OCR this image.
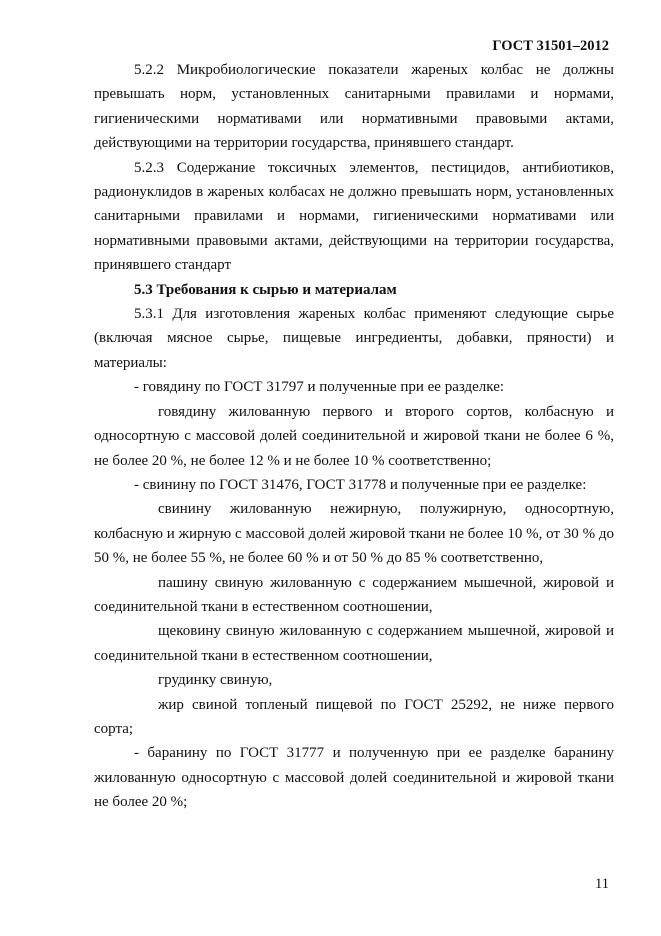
ГОСТ 31501–2012

5.2.2 Микробиологические показатели жареных колбас не должны превышать норм, установленных санитарными правилами и нормами, гигиеническими нормативами или нормативными правовыми актами, действующими на территории государства, принявшего стандарт.

5.2.3 Содержание токсичных элементов, пестицидов, антибиотиков, радионуклидов в жареных колбасах не должно превышать норм, установленных санитарными правилами и нормами, гигиеническими нормативами или нормативными правовыми актами, действующими на территории государства, принявшего стандарт

5.3 Требования к сырью и материалам

5.3.1 Для изготовления жареных колбас применяют следующие сырье (включая мясное сырье, пищевые ингредиенты, добавки, пряности) и материалы:

- говядину по ГОСТ 31797 и полученные при ее разделке:

говядину жилованную первого и второго сортов, колбасную и односортную с массовой долей соединительной и жировой ткани не более 6 %, не более 20 %, не более 12 % и не более 10 % соответственно;

- свинину по ГОСТ 31476, ГОСТ 31778 и полученные при ее разделке:

свинину жилованную нежирную, полужирную, односортную, колбасную и жирную с массовой долей жировой ткани не более 10 %, от 30 % до 50 %, не более 55 %, не более 60 % и от 50 % до 85 % соответственно,

пашину свиную жилованную с содержанием мышечной, жировой и соединительной ткани в естественном соотношении,

щековину свиную жилованную с содержанием мышечной, жировой и соединительной ткани в естественном соотношении,

грудинку свиную,

жир свиной топленый пищевой по ГОСТ 25292, не ниже первого сорта;

- баранину по ГОСТ 31777 и полученную при ее разделке баранину жилованную односортную с массовой долей соединительной и жировой ткани не более 20 %;

11
